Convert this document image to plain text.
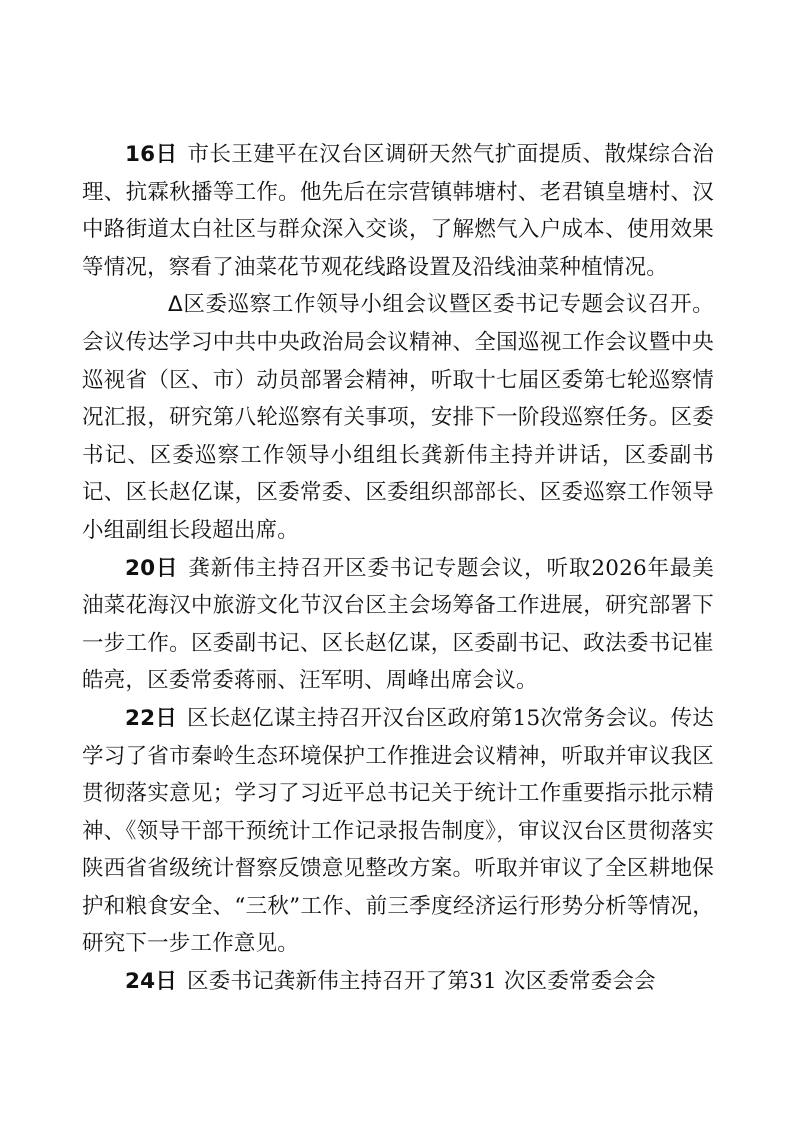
16日 市长王建平在汉台区调研天然气扩面提质、散煤综合治理、抗霖秋播等工作。他先后在宗营镇韩塘村、老君镇皇塘村、汉中路街道太白社区与群众深入交谈，了解燃气入户成本、使用效果等情况，察看了油菜花节观花线路设置及沿线油菜种植情况。

Δ区委巡察工作领导小组会议暨区委书记专题会议召开。会议传达学习中共中央政治局会议精神、全国巡视工作会议暨中央巡视省（区、市）动员部署会精神，听取十七届区委第七轮巡察情况汇报，研究第八轮巡察有关事项，安排下一阶段巡察任务。区委书记、区委巡察工作领导小组组长龚新伟主持并讲话，区委副书记、区长赵亿谋，区委常委、区委组织部部长、区委巡察工作领导小组副组长段超出席。

20日 龚新伟主持召开区委书记专题会议，听取2026年最美油菜花海汉中旅游文化节汉台区主会场筹备工作进展，研究部署下一步工作。区委副书记、区长赵亿谋，区委副书记、政法委书记崔皓亮，区委常委蒋丽、汪军明、周峰出席会议。

22日 区长赵亿谋主持召开汉台区政府第15次常务会议。传达学习了省市秦岭生态环境保护工作推进会议精神，听取并审议我区贯彻落实意见；学习了习近平总书记关于统计工作重要指示批示精神、《领导干部干预统计工作记录报告制度》，审议汉台区贯彻落实陕西省省级统计督察反馈意见整改方案。听取并审议了全区耕地保护和粮食安全、“三秋”工作、前三季度经济运行形势分析等情况，研究下一步工作意见。

24日 区委书记龚新伟主持召开了第31 次区委常委会会
